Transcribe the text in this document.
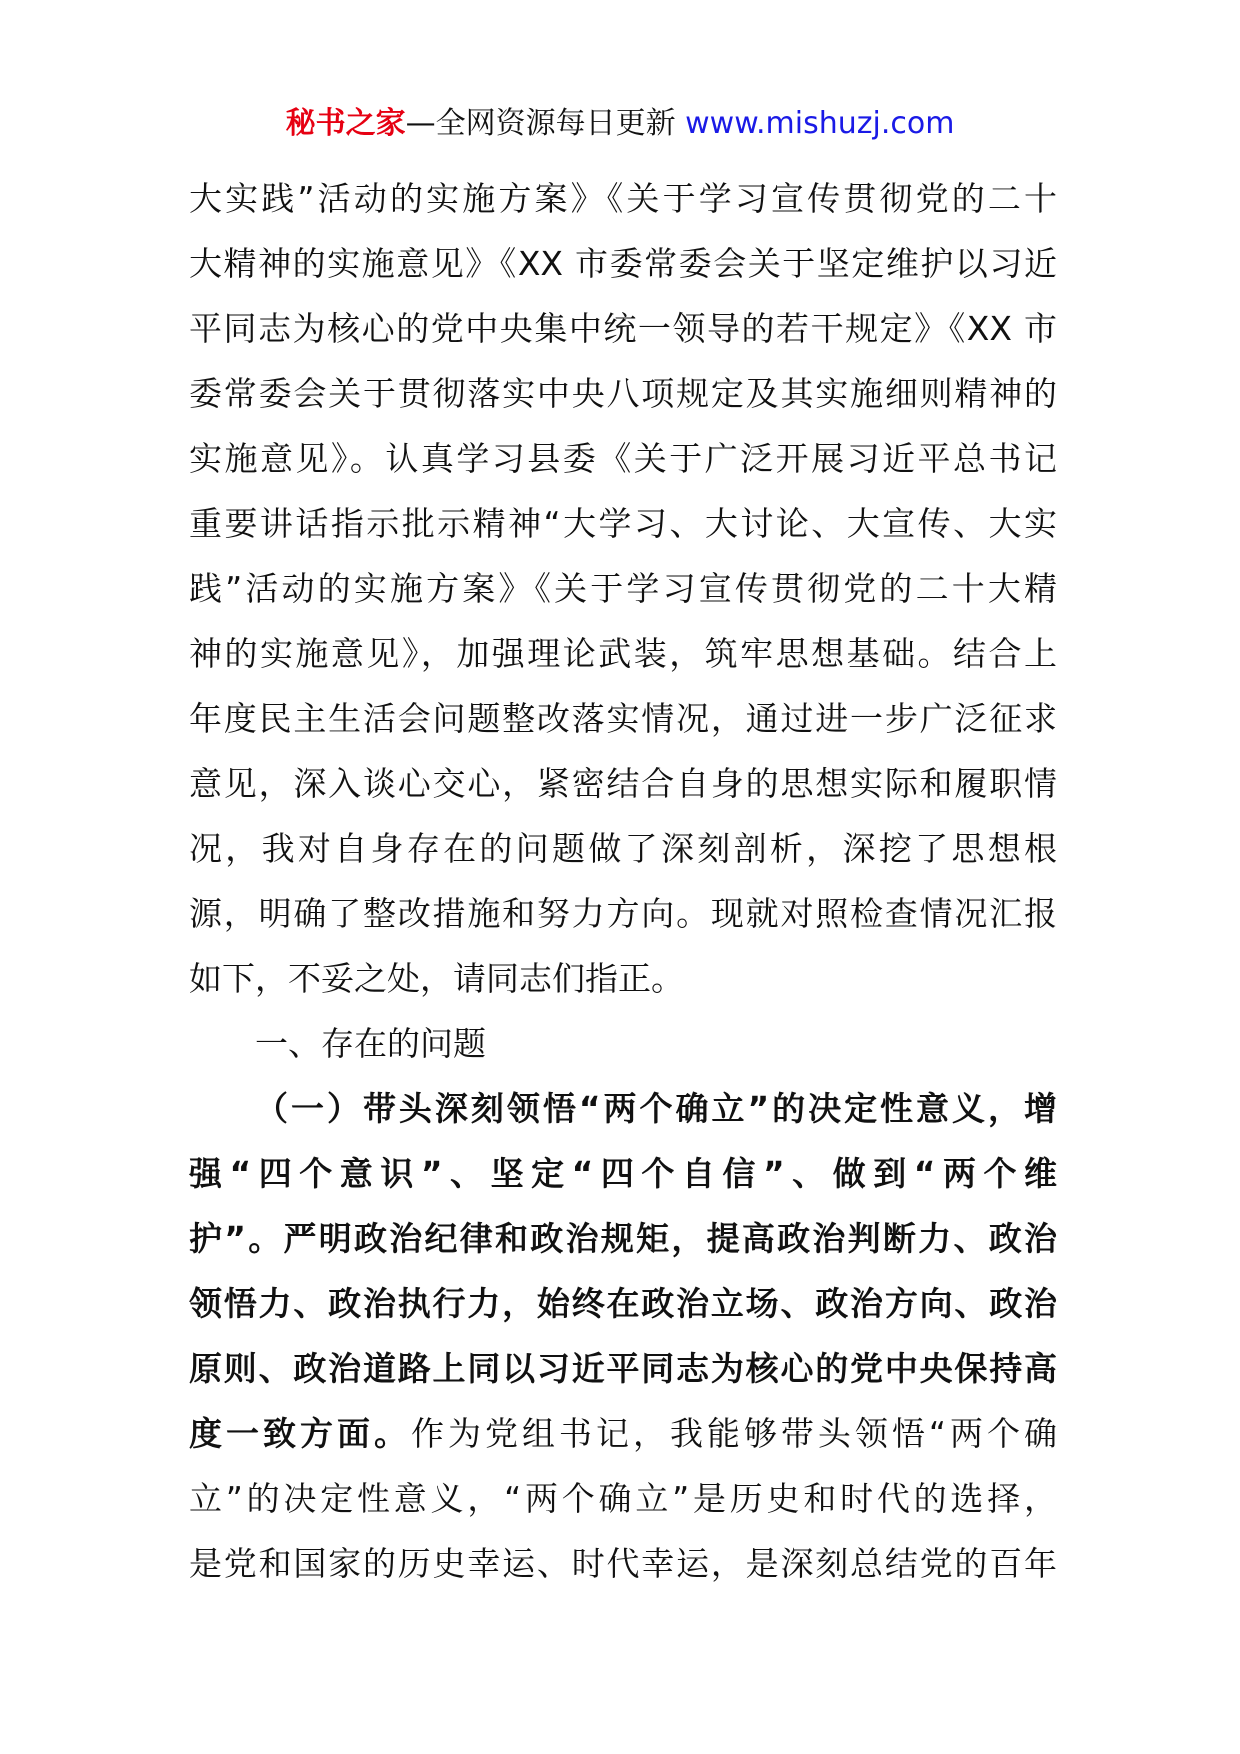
秘书之家—全网资源每日更新 www.mishuzj.com
大实践”活动的实施方案》《关于学习宣传贯彻党的二十
大精神的实施意见》《XX 市委常委会关于坚定维护以习近
平同志为核心的党中央集中统一领导的若干规定》《XX 市
委常委会关于贯彻落实中央八项规定及其实施细则精神的
实施意见》。认真学习县委《关于广泛开展习近平总书记
重要讲话指示批示精神“大学习、大讨论、大宣传、大实
践”活动的实施方案》《关于学习宣传贯彻党的二十大精
神的实施意见》，加强理论武装，筑牢思想基础。结合上
年度民主生活会问题整改落实情况，通过进一步广泛征求
意见，深入谈心交心，紧密结合自身的思想实际和履职情
况，我对自身存在的问题做了深刻剖析，深挖了思想根
源，明确了整改措施和努力方向。现就对照检查情况汇报
如下，不妥之处，请同志们指正。
一、存在的问题
（一）带头深刻领悟“两个确立”的决定性意义，增
强“四个意识”、坚定“四个自信”、做到“两个维
护”。严明政治纪律和政治规矩，提高政治判断力、政治
领悟力、政治执行力，始终在政治立场、政治方向、政治
原则、政治道路上同以习近平同志为核心的党中央保持高
度一致方面。作为党组书记，我能够带头领悟“两个确
立”的决定性意义，“两个确立”是历史和时代的选择，
是党和国家的历史幸运、时代幸运，是深刻总结党的百年
